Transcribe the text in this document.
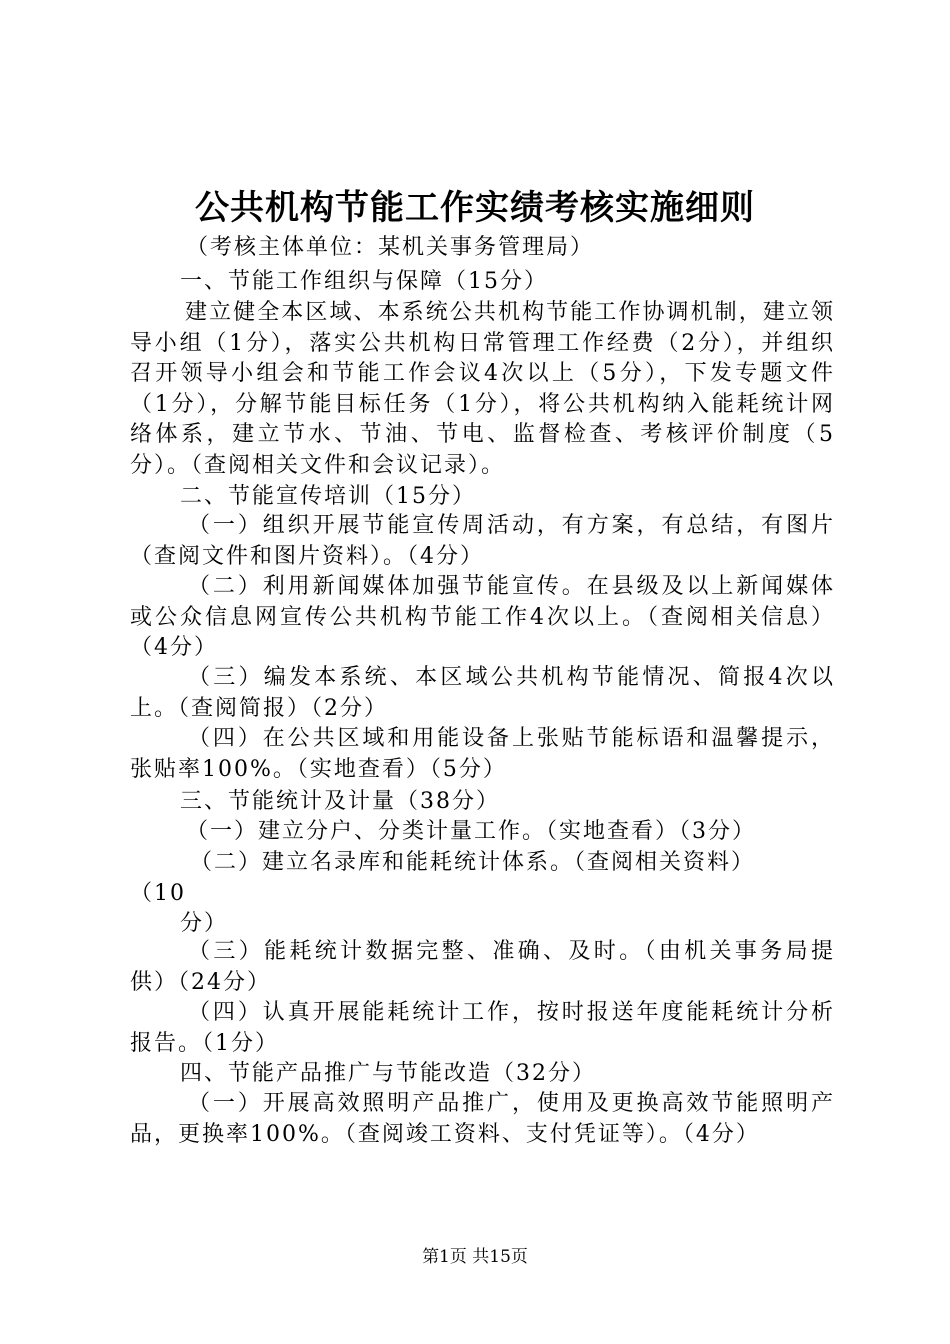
公共机构节能工作实绩考核实施细则

（考核主体单位：某机关事务管理局）

一、节能工作组织与保障（15分）

建立健全本区域、本系统公共机构节能工作协调机制，建立领导小组（1分），落实公共机构日常管理工作经费（2分），并组织召开领导小组会和节能工作会议4次以上（5分），下发专题文件（1分），分解节能目标任务（1分），将公共机构纳入能耗统计网络体系，建立节水、节油、节电、监督检查、考核评价制度（5分）。（查阅相关文件和会议记录）。

二、节能宣传培训（15分）

（一）组织开展节能宣传周活动，有方案，有总结，有图片（查阅文件和图片资料）。（4分）

（二）利用新闻媒体加强节能宣传。在县级及以上新闻媒体或公众信息网宣传公共机构节能工作4次以上。（查阅相关信息）（4分）

（三）编发本系统、本区域公共机构节能情况、简报4次以上。（查阅简报）（2分）

（四）在公共区域和用能设备上张贴节能标语和温馨提示，张贴率100%。（实地查看）（5分）

三、节能统计及计量（38分）

（一）建立分户、分类计量工作。（实地查看）（3分）

（二）建立名录库和能耗统计体系。（查阅相关资料）

（10

分）

（三）能耗统计数据完整、准确、及时。（由机关事务局提供）（24分）

（四）认真开展能耗统计工作，按时报送年度能耗统计分析报告。（1分）

四、节能产品推广与节能改造（32分）

（一）开展高效照明产品推广，使用及更换高效节能照明产品，更换率100%。（查阅竣工资料、支付凭证等）。（4分）

第1页 共15页
